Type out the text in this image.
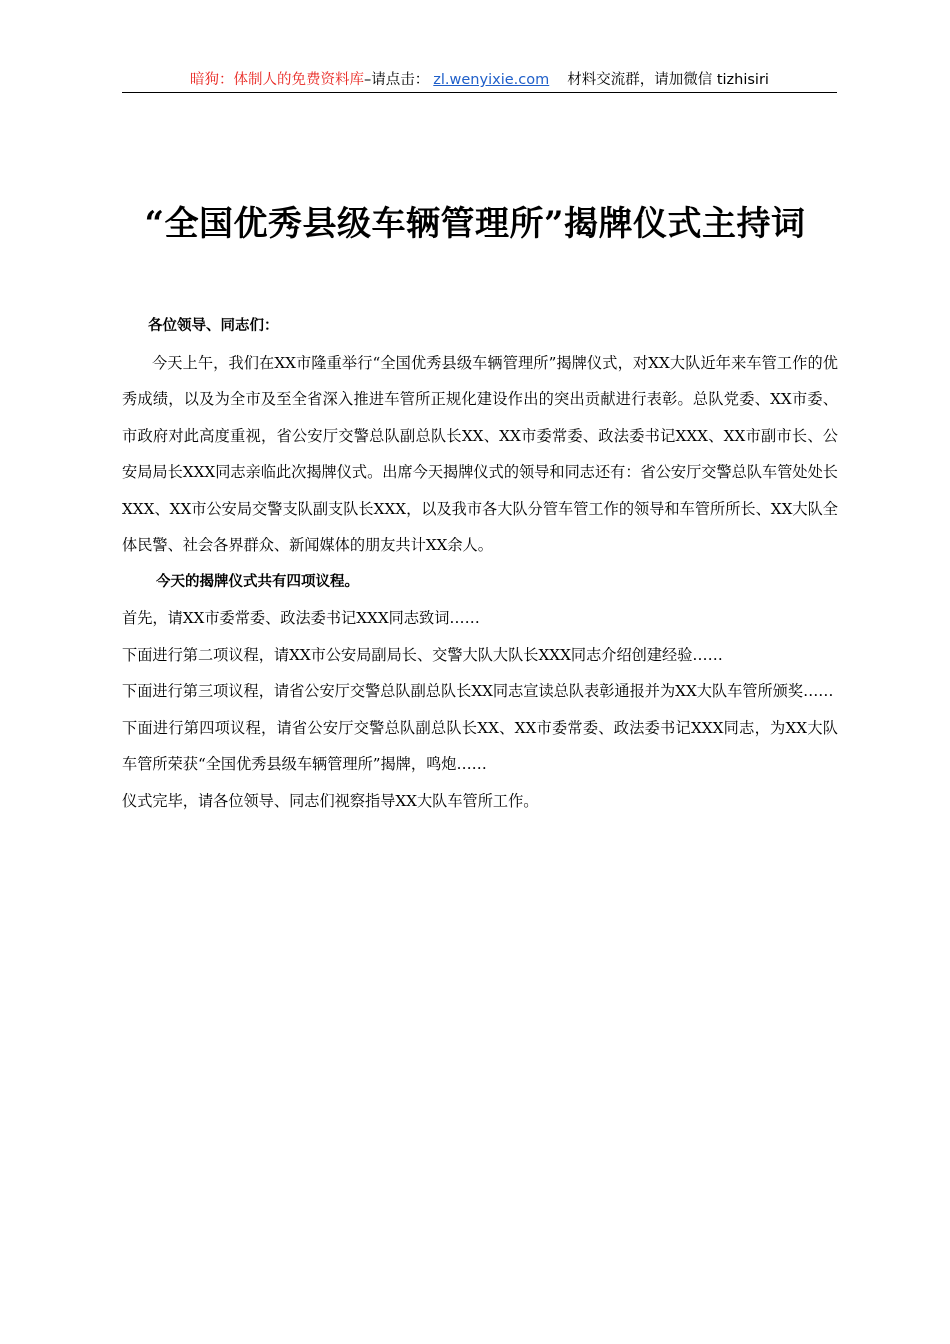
暗狗：体制人的免费资料库–请点击： zl.wenyixie.com 材料交流群，请加微信 tizhisiri
“全国优秀县级车辆管理所”揭牌仪式主持词

各位领导、同志们：

今天上午，我们在XX市隆重举行“全国优秀县级车辆管理所”揭牌仪式，对XX大队近年来车管工作的优秀成绩，以及为全市及至全省深入推进车管所正规化建设作出的突出贡献进行表彰。总队党委、XX市委、市政府对此高度重视，省公安厅交警总队副总队长XX、XX市委常委、政法委书记XXX、XX市副市长、公安局局长XXX同志亲临此次揭牌仪式。出席今天揭牌仪式的领导和同志还有：省公安厅交警总队车管处处长XXX、XX市公安局交警支队副支队长XXX，以及我市各大队分管车管工作的领导和车管所所长、XX大队全体民警、社会各界群众、新闻媒体的朋友共计XX余人。

今天的揭牌仪式共有四项议程。

首先，请XX市委常委、政法委书记XXX同志致词……

下面进行第二项议程，请XX市公安局副局长、交警大队大队长XXX同志介绍创建经验……

下面进行第三项议程，请省公安厅交警总队副总队长XX同志宣读总队表彰通报并为XX大队车管所颁奖……

下面进行第四项议程，请省公安厅交警总队副总队长XX、XX市委常委、政法委书记XXX同志，为XX大队车管所荣获“全国优秀县级车辆管理所”揭牌，鸣炮……

仪式完毕，请各位领导、同志们视察指导XX大队车管所工作。
